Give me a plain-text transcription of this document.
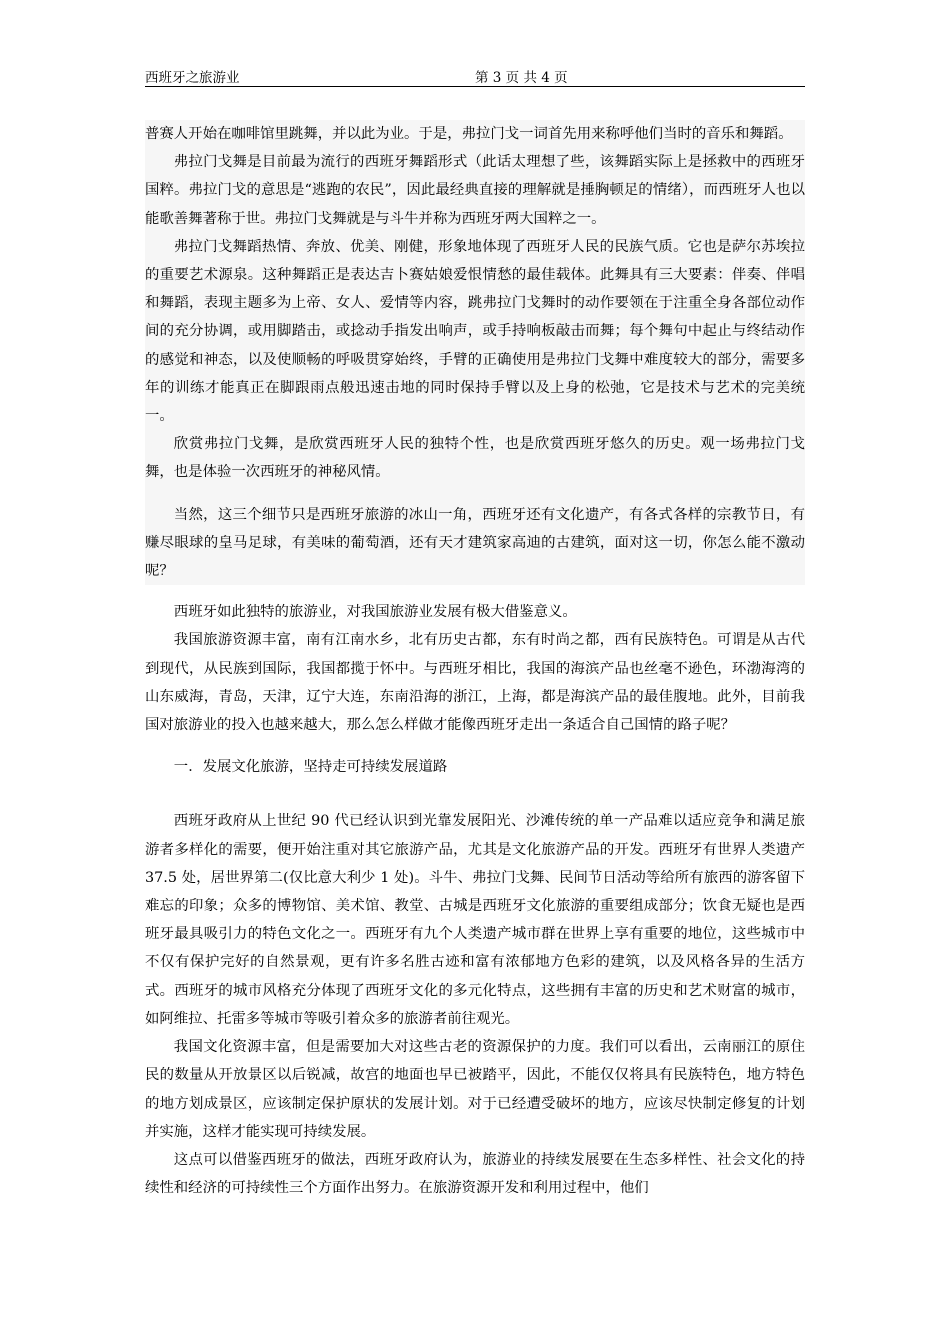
西班牙之旅游业	第 3 页 共 4 页

普赛人开始在咖啡馆里跳舞，并以此为业。于是，弗拉门戈一词首先用来称呼他们当时的音乐和舞蹈。

弗拉门戈舞是目前最为流行的西班牙舞蹈形式（此话太理想了些，该舞蹈实际上是拯救中的西班牙国粹。弗拉门戈的意思是“逃跑的农民”，因此最经典直接的理解就是捶胸顿足的情绪），而西班牙人也以能歌善舞著称于世。弗拉门戈舞就是与斗牛并称为西班牙两大国粹之一。

弗拉门戈舞蹈热情、奔放、优美、刚健，形象地体现了西班牙人民的民族气质。它也是萨尔苏埃拉的重要艺术源泉。这种舞蹈正是表达吉卜赛姑娘爱恨情愁的最佳载体。此舞具有三大要素：伴奏、伴唱和舞蹈，表现主题多为上帝、女人、爱情等内容，跳弗拉门戈舞时的动作要领在于注重全身各部位动作间的充分协调，或用脚踏击，或捻动手指发出响声，或手持响板敲击而舞；每个舞句中起止与终结动作的感觉和神态，以及使顺畅的呼吸贯穿始终，手臂的正确使用是弗拉门戈舞中难度较大的部分，需要多年的训练才能真正在脚跟雨点般迅速击地的同时保持手臂以及上身的松弛，它是技术与艺术的完美统一。

欣赏弗拉门戈舞，是欣赏西班牙人民的独特个性，也是欣赏西班牙悠久的历史。观一场弗拉门戈舞，也是体验一次西班牙的神秘风情。

当然，这三个细节只是西班牙旅游的冰山一角，西班牙还有文化遗产，有各式各样的宗教节日，有赚尽眼球的皇马足球，有美味的葡萄酒，还有天才建筑家高迪的古建筑，面对这一切，你怎么能不激动呢？

西班牙如此独特的旅游业，对我国旅游业发展有极大借鉴意义。

我国旅游资源丰富，南有江南水乡，北有历史古都，东有时尚之都，西有民族特色。可谓是从古代到现代，从民族到国际，我国都揽于怀中。与西班牙相比，我国的海滨产品也丝毫不逊色，环渤海湾的山东威海，青岛，天津，辽宁大连，东南沿海的浙江，上海，都是海滨产品的最佳腹地。此外，目前我国对旅游业的投入也越来越大，那么怎么样做才能像西班牙走出一条适合自己国情的路子呢？

一．发展文化旅游，坚持走可持续发展道路

西班牙政府从上世纪 90 代已经认识到光靠发展阳光、沙滩传统的单一产品难以适应竞争和满足旅游者多样化的需要，便开始注重对其它旅游产品，尤其是文化旅游产品的开发。西班牙有世界人类遗产 37.5 处，居世界第二(仅比意大利少 1 处)。斗牛、弗拉门戈舞、民间节日活动等给所有旅西的游客留下难忘的印象；众多的博物馆、美术馆、教堂、古城是西班牙文化旅游的重要组成部分；饮食无疑也是西班牙最具吸引力的特色文化之一。西班牙有九个人类遗产城市群在世界上享有重要的地位，这些城市中不仅有保护完好的自然景观，更有许多名胜古迹和富有浓郁地方色彩的建筑，以及风格各异的生活方式。西班牙的城市风格充分体现了西班牙文化的多元化特点，这些拥有丰富的历史和艺术财富的城市，如阿维拉、托雷多等城市等吸引着众多的旅游者前往观光。

我国文化资源丰富，但是需要加大对这些古老的资源保护的力度。我们可以看出，云南丽江的原住民的数量从开放景区以后锐减，故宫的地面也早已被踏平，因此，不能仅仅将具有民族特色，地方特色的地方划成景区，应该制定保护原状的发展计划。对于已经遭受破坏的地方，应该尽快制定修复的计划并实施，这样才能实现可持续发展。

这点可以借鉴西班牙的做法，西班牙政府认为，旅游业的持续发展要在生态多样性、社会文化的持续性和经济的可持续性三个方面作出努力。在旅游资源开发和利用过程中，他们
